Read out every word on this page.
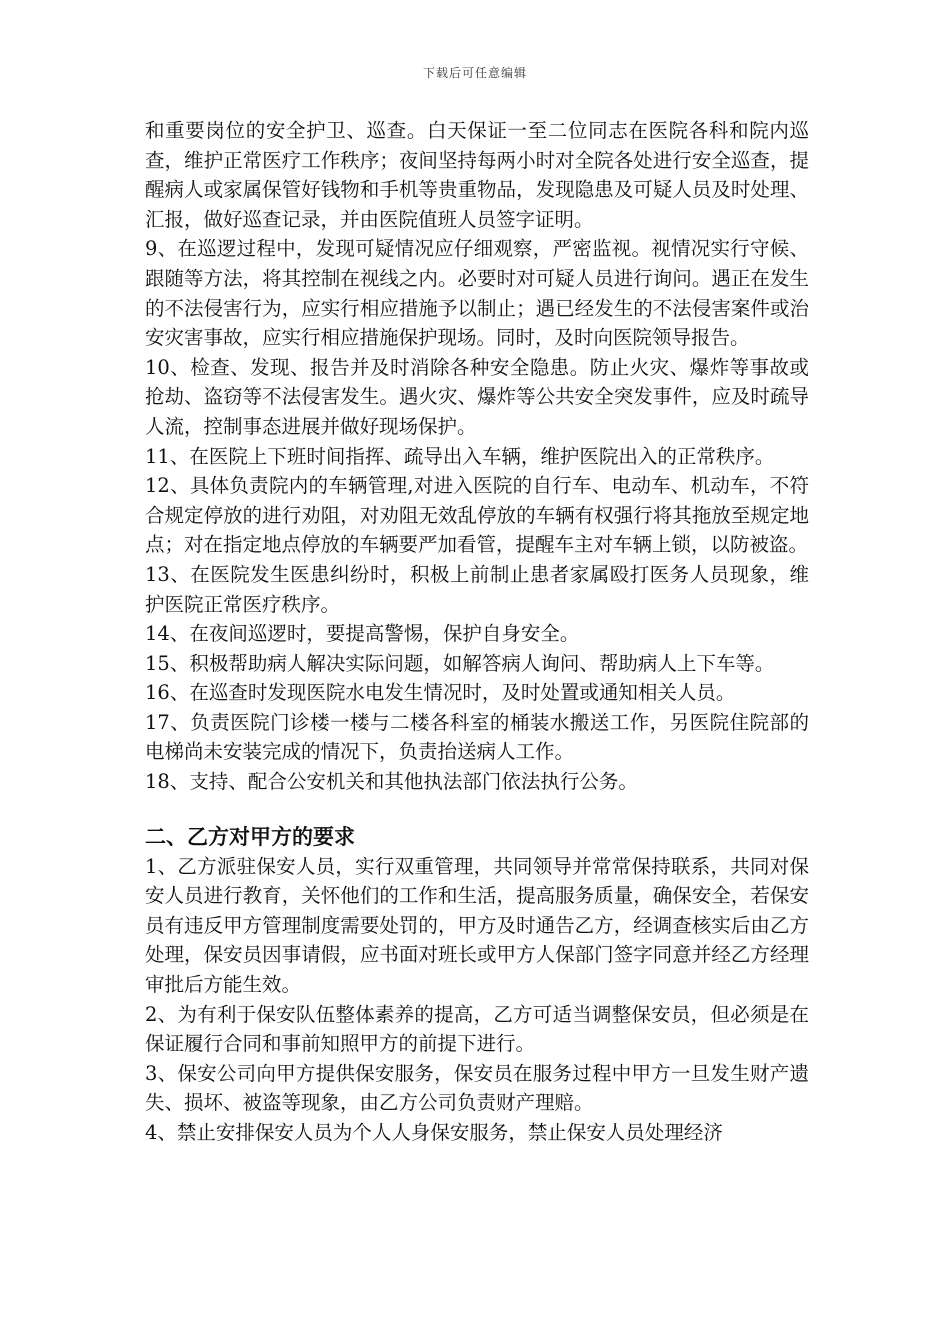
下载后可任意编辑

和重要岗位的安全护卫、巡查。白天保证一至二位同志在医院各科和院内巡查，维护正常医疗工作秩序；夜间坚持每两小时对全院各处进行安全巡查，提醒病人或家属保管好钱物和手机等贵重物品，发现隐患及可疑人员及时处理、汇报，做好巡查记录，并由医院值班人员签字证明。

9、在巡逻过程中，发现可疑情况应仔细观察，严密监视。视情况实行守候、跟随等方法，将其控制在视线之内。必要时对可疑人员进行询问。遇正在发生的不法侵害行为，应实行相应措施予以制止；遇已经发生的不法侵害案件或治安灾害事故，应实行相应措施保护现场。同时，及时向医院领导报告。

10、检查、发现、报告并及时消除各种安全隐患。防止火灾、爆炸等事故或抢劫、盗窃等不法侵害发生。遇火灾、爆炸等公共安全突发事件，应及时疏导人流，控制事态进展并做好现场保护。

11、在医院上下班时间指挥、疏导出入车辆，维护医院出入的正常秩序。

12、具体负责院内的车辆管理,对进入医院的自行车、电动车、机动车，不符合规定停放的进行劝阻，对劝阻无效乱停放的车辆有权强行将其拖放至规定地点；对在指定地点停放的车辆要严加看管，提醒车主对车辆上锁，以防被盗。

13、在医院发生医患纠纷时，积极上前制止患者家属殴打医务人员现象，维护医院正常医疗秩序。

14、在夜间巡逻时，要提高警惕，保护自身安全。

15、积极帮助病人解决实际问题，如解答病人询问、帮助病人上下车等。

16、在巡查时发现医院水电发生情况时，及时处置或通知相关人员。

17、负责医院门诊楼一楼与二楼各科室的桶装水搬送工作，另医院住院部的电梯尚未安装完成的情况下，负责抬送病人工作。

18、支持、配合公安机关和其他执法部门依法执行公务。

二、乙方对甲方的要求

1、乙方派驻保安人员，实行双重管理，共同领导并常常保持联系，共同对保安人员进行教育，关怀他们的工作和生活，提高服务质量，确保安全，若保安员有违反甲方管理制度需要处罚的，甲方及时通告乙方，经调查核实后由乙方处理，保安员因事请假，应书面对班长或甲方人保部门签字同意并经乙方经理审批后方能生效。

2、为有利于保安队伍整体素养的提高，乙方可适当调整保安员，但必须是在保证履行合同和事前知照甲方的前提下进行。

3、保安公司向甲方提供保安服务，保安员在服务过程中甲方一旦发生财产遗失、损坏、被盗等现象，由乙方公司负责财产理赔。

4、禁止安排保安人员为个人人身保安服务，禁止保安人员处理经济
